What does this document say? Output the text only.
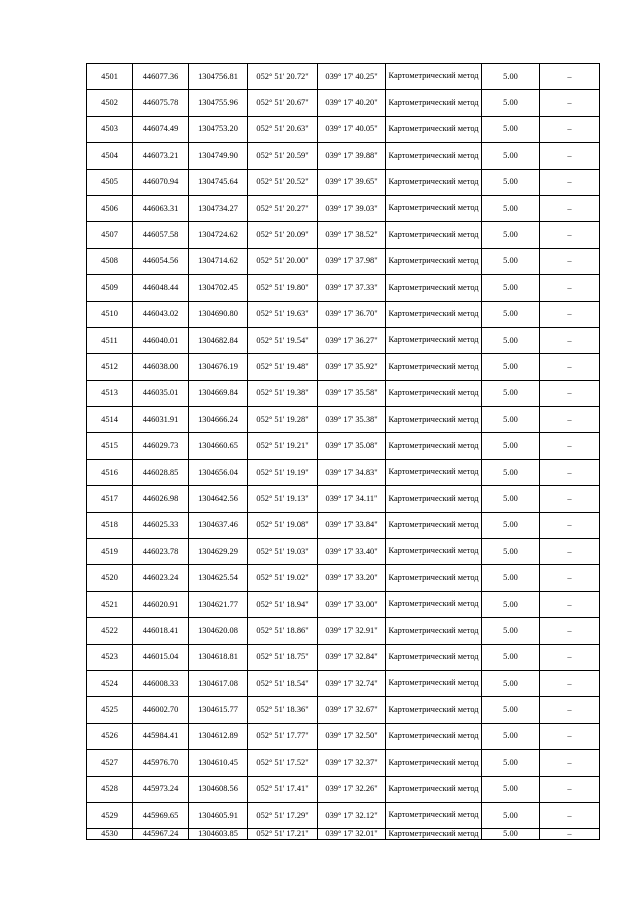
4501	446077.36	1304756.81	052° 51' 20.72"	039° 17' 40.25"	Картометрический метод	5.00	–
4502	446075.78	1304755.96	052° 51' 20.67"	039° 17' 40.20"	Картометрический метод	5.00	–
4503	446074.49	1304753.20	052° 51' 20.63"	039° 17' 40.05"	Картометрический метод	5.00	–
4504	446073.21	1304749.90	052° 51' 20.59"	039° 17' 39.88"	Картометрический метод	5.00	–
4505	446070.94	1304745.64	052° 51' 20.52"	039° 17' 39.65"	Картометрический метод	5.00	–
4506	446063.31	1304734.27	052° 51' 20.27"	039° 17' 39.03"	Картометрический метод	5.00	–
4507	446057.58	1304724.62	052° 51' 20.09"	039° 17' 38.52"	Картометрический метод	5.00	–
4508	446054.56	1304714.62	052° 51' 20.00"	039° 17' 37.98"	Картометрический метод	5.00	–
4509	446048.44	1304702.45	052° 51' 19.80"	039° 17' 37.33"	Картометрический метод	5.00	–
4510	446043.02	1304690.80	052° 51' 19.63"	039° 17' 36.70"	Картометрический метод	5.00	–
4511	446040.01	1304682.84	052° 51' 19.54"	039° 17' 36.27"	Картометрический метод	5.00	–
4512	446038.00	1304676.19	052° 51' 19.48"	039° 17' 35.92"	Картометрический метод	5.00	–
4513	446035.01	1304669.84	052° 51' 19.38"	039° 17' 35.58"	Картометрический метод	5.00	–
4514	446031.91	1304666.24	052° 51' 19.28"	039° 17' 35.38"	Картометрический метод	5.00	–
4515	446029.73	1304660.65	052° 51' 19.21"	039° 17' 35.08"	Картометрический метод	5.00	–
4516	446028.85	1304656.04	052° 51' 19.19"	039° 17' 34.83"	Картометрический метод	5.00	–
4517	446026.98	1304642.56	052° 51' 19.13"	039° 17' 34.11"	Картометрический метод	5.00	–
4518	446025.33	1304637.46	052° 51' 19.08"	039° 17' 33.84"	Картометрический метод	5.00	–
4519	446023.78	1304629.29	052° 51' 19.03"	039° 17' 33.40"	Картометрический метод	5.00	–
4520	446023.24	1304625.54	052° 51' 19.02"	039° 17' 33.20"	Картометрический метод	5.00	–
4521	446020.91	1304621.77	052° 51' 18.94"	039° 17' 33.00"	Картометрический метод	5.00	–
4522	446018.41	1304620.08	052° 51' 18.86"	039° 17' 32.91"	Картометрический метод	5.00	–
4523	446015.04	1304618.81	052° 51' 18.75"	039° 17' 32.84"	Картометрический метод	5.00	–
4524	446008.33	1304617.08	052° 51' 18.54"	039° 17' 32.74"	Картометрический метод	5.00	–
4525	446002.70	1304615.77	052° 51' 18.36"	039° 17' 32.67"	Картометрический метод	5.00	–
4526	445984.41	1304612.89	052° 51' 17.77"	039° 17' 32.50"	Картометрический метод	5.00	–
4527	445976.70	1304610.45	052° 51' 17.52"	039° 17' 32.37"	Картометрический метод	5.00	–
4528	445973.24	1304608.56	052° 51' 17.41"	039° 17' 32.26"	Картометрический метод	5.00	–
4529	445969.65	1304605.91	052° 51' 17.29"	039° 17' 32.12"	Картометрический метод	5.00	–
4530	445967.24	1304603.85	052° 51' 17.21"	039° 17' 32.01"	Картометрический метод	5.00	–
